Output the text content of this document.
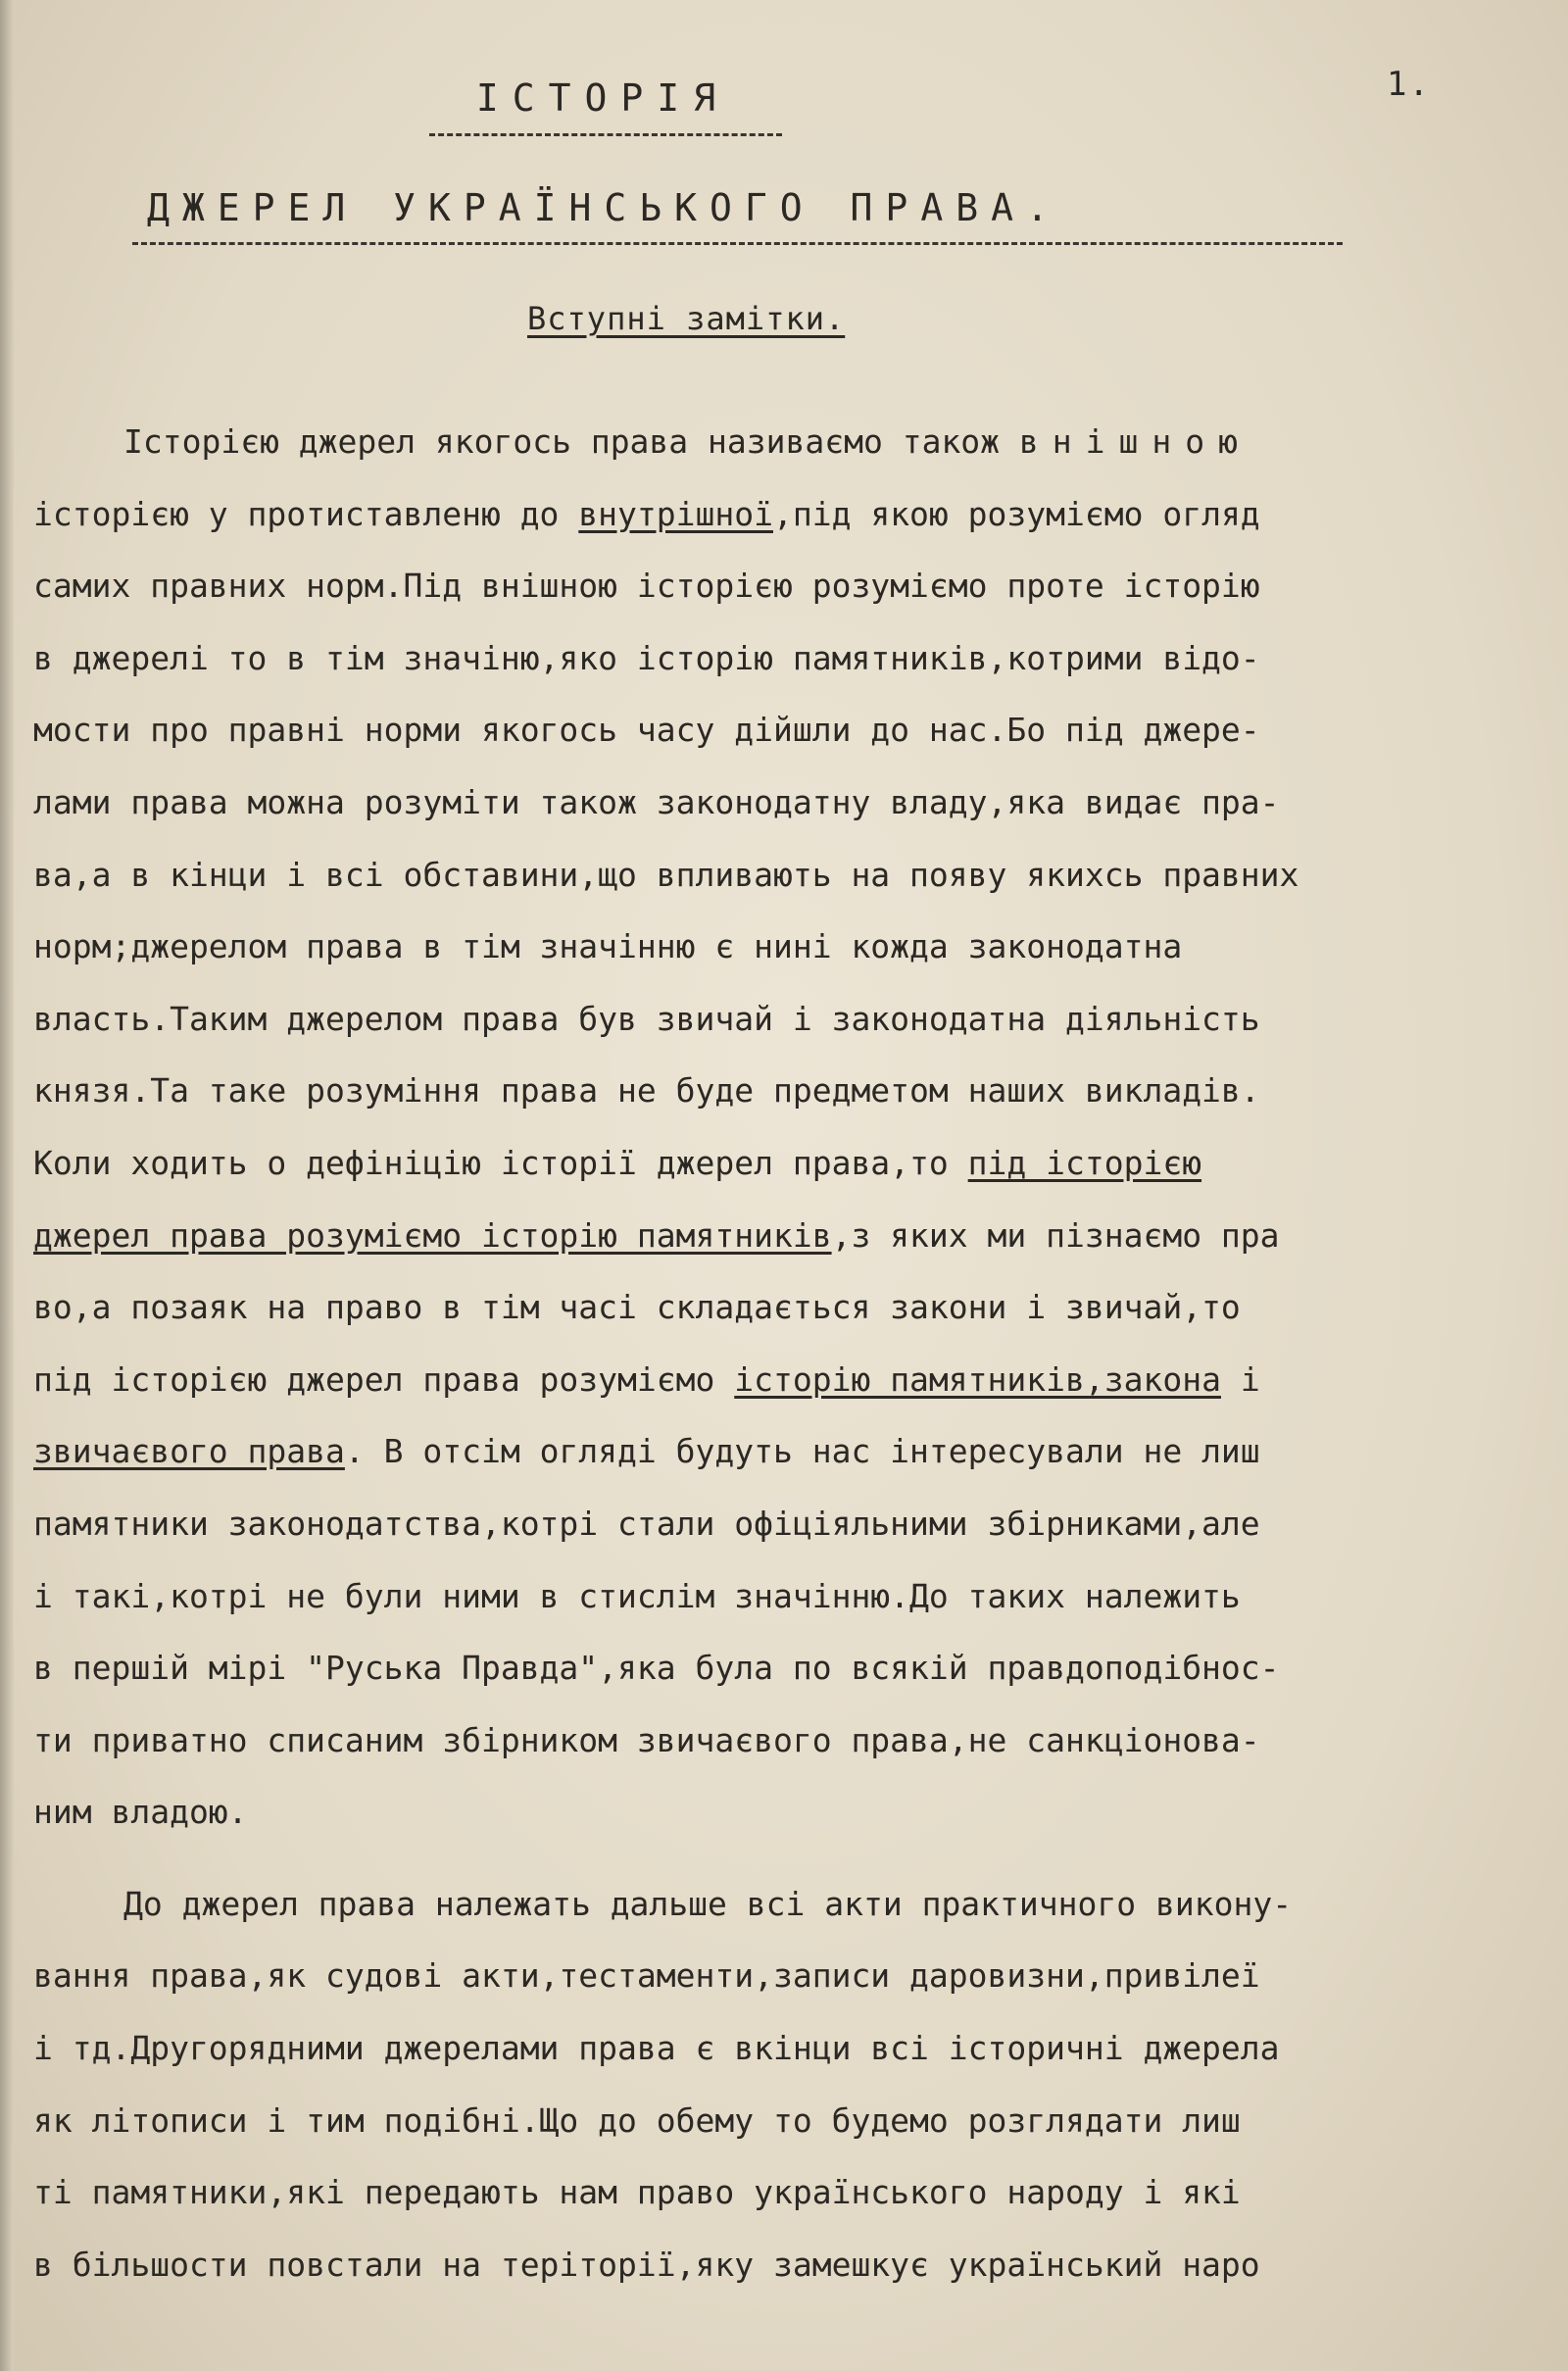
1.
ІСТОРІЯ
ДЖЕРЕЛ УКРАЇНСЬКОГО ПРАВА.
Вступні замітки.
Історією джерел якогось права називаємо також внішною
історією у протиставленю до внутрішної,під якою розуміємо огляд
самих правних норм.Під внішною історією розуміємо проте історію
в джерелі то в тім значіню,яко історію памятників,котрими відо-
мости про правні норми якогось часу дійшли до нас.Бо під джере-
лами права можна розуміти також законодатну владу,яка видає пра-
ва,а в кінци і всі обставини,що впливають на появу якихсь правних
норм;джерелом права в тім значінню є нині кожда законодатна
власть.Таким джерелом права був звичай і законодатна діяльність
князя.Та таке розуміння права не буде предметом наших викладів.
Коли ходить о дефініцію історії джерел права,то під історією
джерел права розуміємо історію памятників,з яких ми пізнаємо пра
во,а позаяк на право в тім часі складається закони і звичай,то
під історією джерел права розуміємо історію памятників,закона і
звичаєвого права. В отсім огляді будуть нас інтересували не лиш
памятники законодатства,котрі стали офіціяльними збірниками,але
і такі,котрі не були ними в стислім значінню.До таких належить
в першій мірі "Руська Правда",яка була по всякій правдоподібнос-
ти приватно списаним збірником звичаєвого права,не санкціонова-
ним владою.
До джерел права належать дальше всі акти практичного викону-
вання права,як судові акти,тестаменти,записи даровизни,привілеї
і тд.Другорядними джерелами права є вкінци всі історичні джерела
як літописи і тим подібні.Що до обему то будемо розглядати лиш
ті памятники,які передають нам право українського народу і які
в більшости повстали на теріторії,яку замешкує український наро
